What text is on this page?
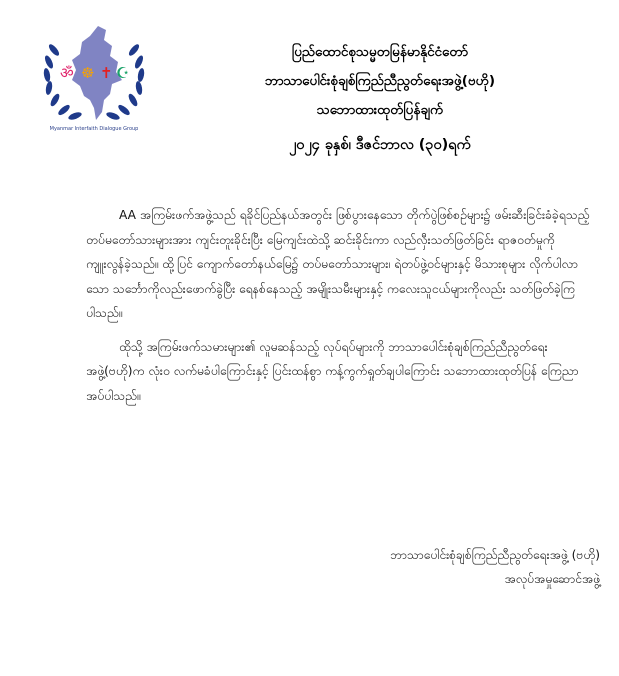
ॐ ☸ ✝ ☪
Myanmar Interfaith Dialogue Group
ပြည်ထောင်စုသမ္မတမြန်မာနိုင်ငံတော်
ဘာသာပေါင်းစုံချစ်ကြည်ညီညွတ်ရေးအဖွဲ့(ဗဟို)
သဘောထားထုတ်ပြန်ချက်
၂၀၂၄ ခုနှစ်၊ ဒီဇင်ဘာလ (၃၀)ရက်

AA အကြမ်းဖက်အဖွဲ့သည် ရခိုင်ပြည်နယ်အတွင်း ဖြစ်ပွားနေသော တိုက်ပွဲဖြစ်စဉ်များ၌ ဖမ်းဆီးခြင်းခံခဲ့ရသည့် တပ်မတော်သားများအား ကျင်းတူးခိုင်းပြီး မြေကျင်းထဲသို့ ဆင်းခိုင်းကာ လည်လှီးသတ်ဖြတ်ခြင်း ရာဇဝတ်မှုကို ကျူးလွန်ခဲ့သည်။ ထို့ပြင် ကျောက်တော်နယ်မြေ၌ တပ်မတော်သားများ၊ ရဲတပ်ဖွဲ့ဝင်များနှင့် မိသားစုများ လိုက်ပါလာသော သင်္ဘောကိုလည်းဖောက်ခွဲပြီး ရေနစ်နေသည့် အမျိုးသမီးများနှင့် ကလေးသူငယ်များကိုလည်း သတ်ဖြတ်ခဲ့ကြပါသည်။

ထိုသို့ အကြမ်းဖက်သမားများ၏ လူမဆန်သည့် လုပ်ရပ်များကို ဘာသာပေါင်းစုံချစ်ကြည်ညီညွတ်ရေးအဖွဲ့(ဗဟို)က လုံးဝ လက်မခံပါကြောင်းနှင့် ပြင်းထန်စွာ ကန့်ကွက်ရှုတ်ချပါကြောင်း သဘောထားထုတ်ပြန် ကြေညာအပ်ပါသည်။

ဘာသာပေါင်းစုံချစ်ကြည်ညီညွတ်ရေးအဖွဲ့ (ဗဟို)
အလုပ်အမှုဆောင်အဖွဲ့
